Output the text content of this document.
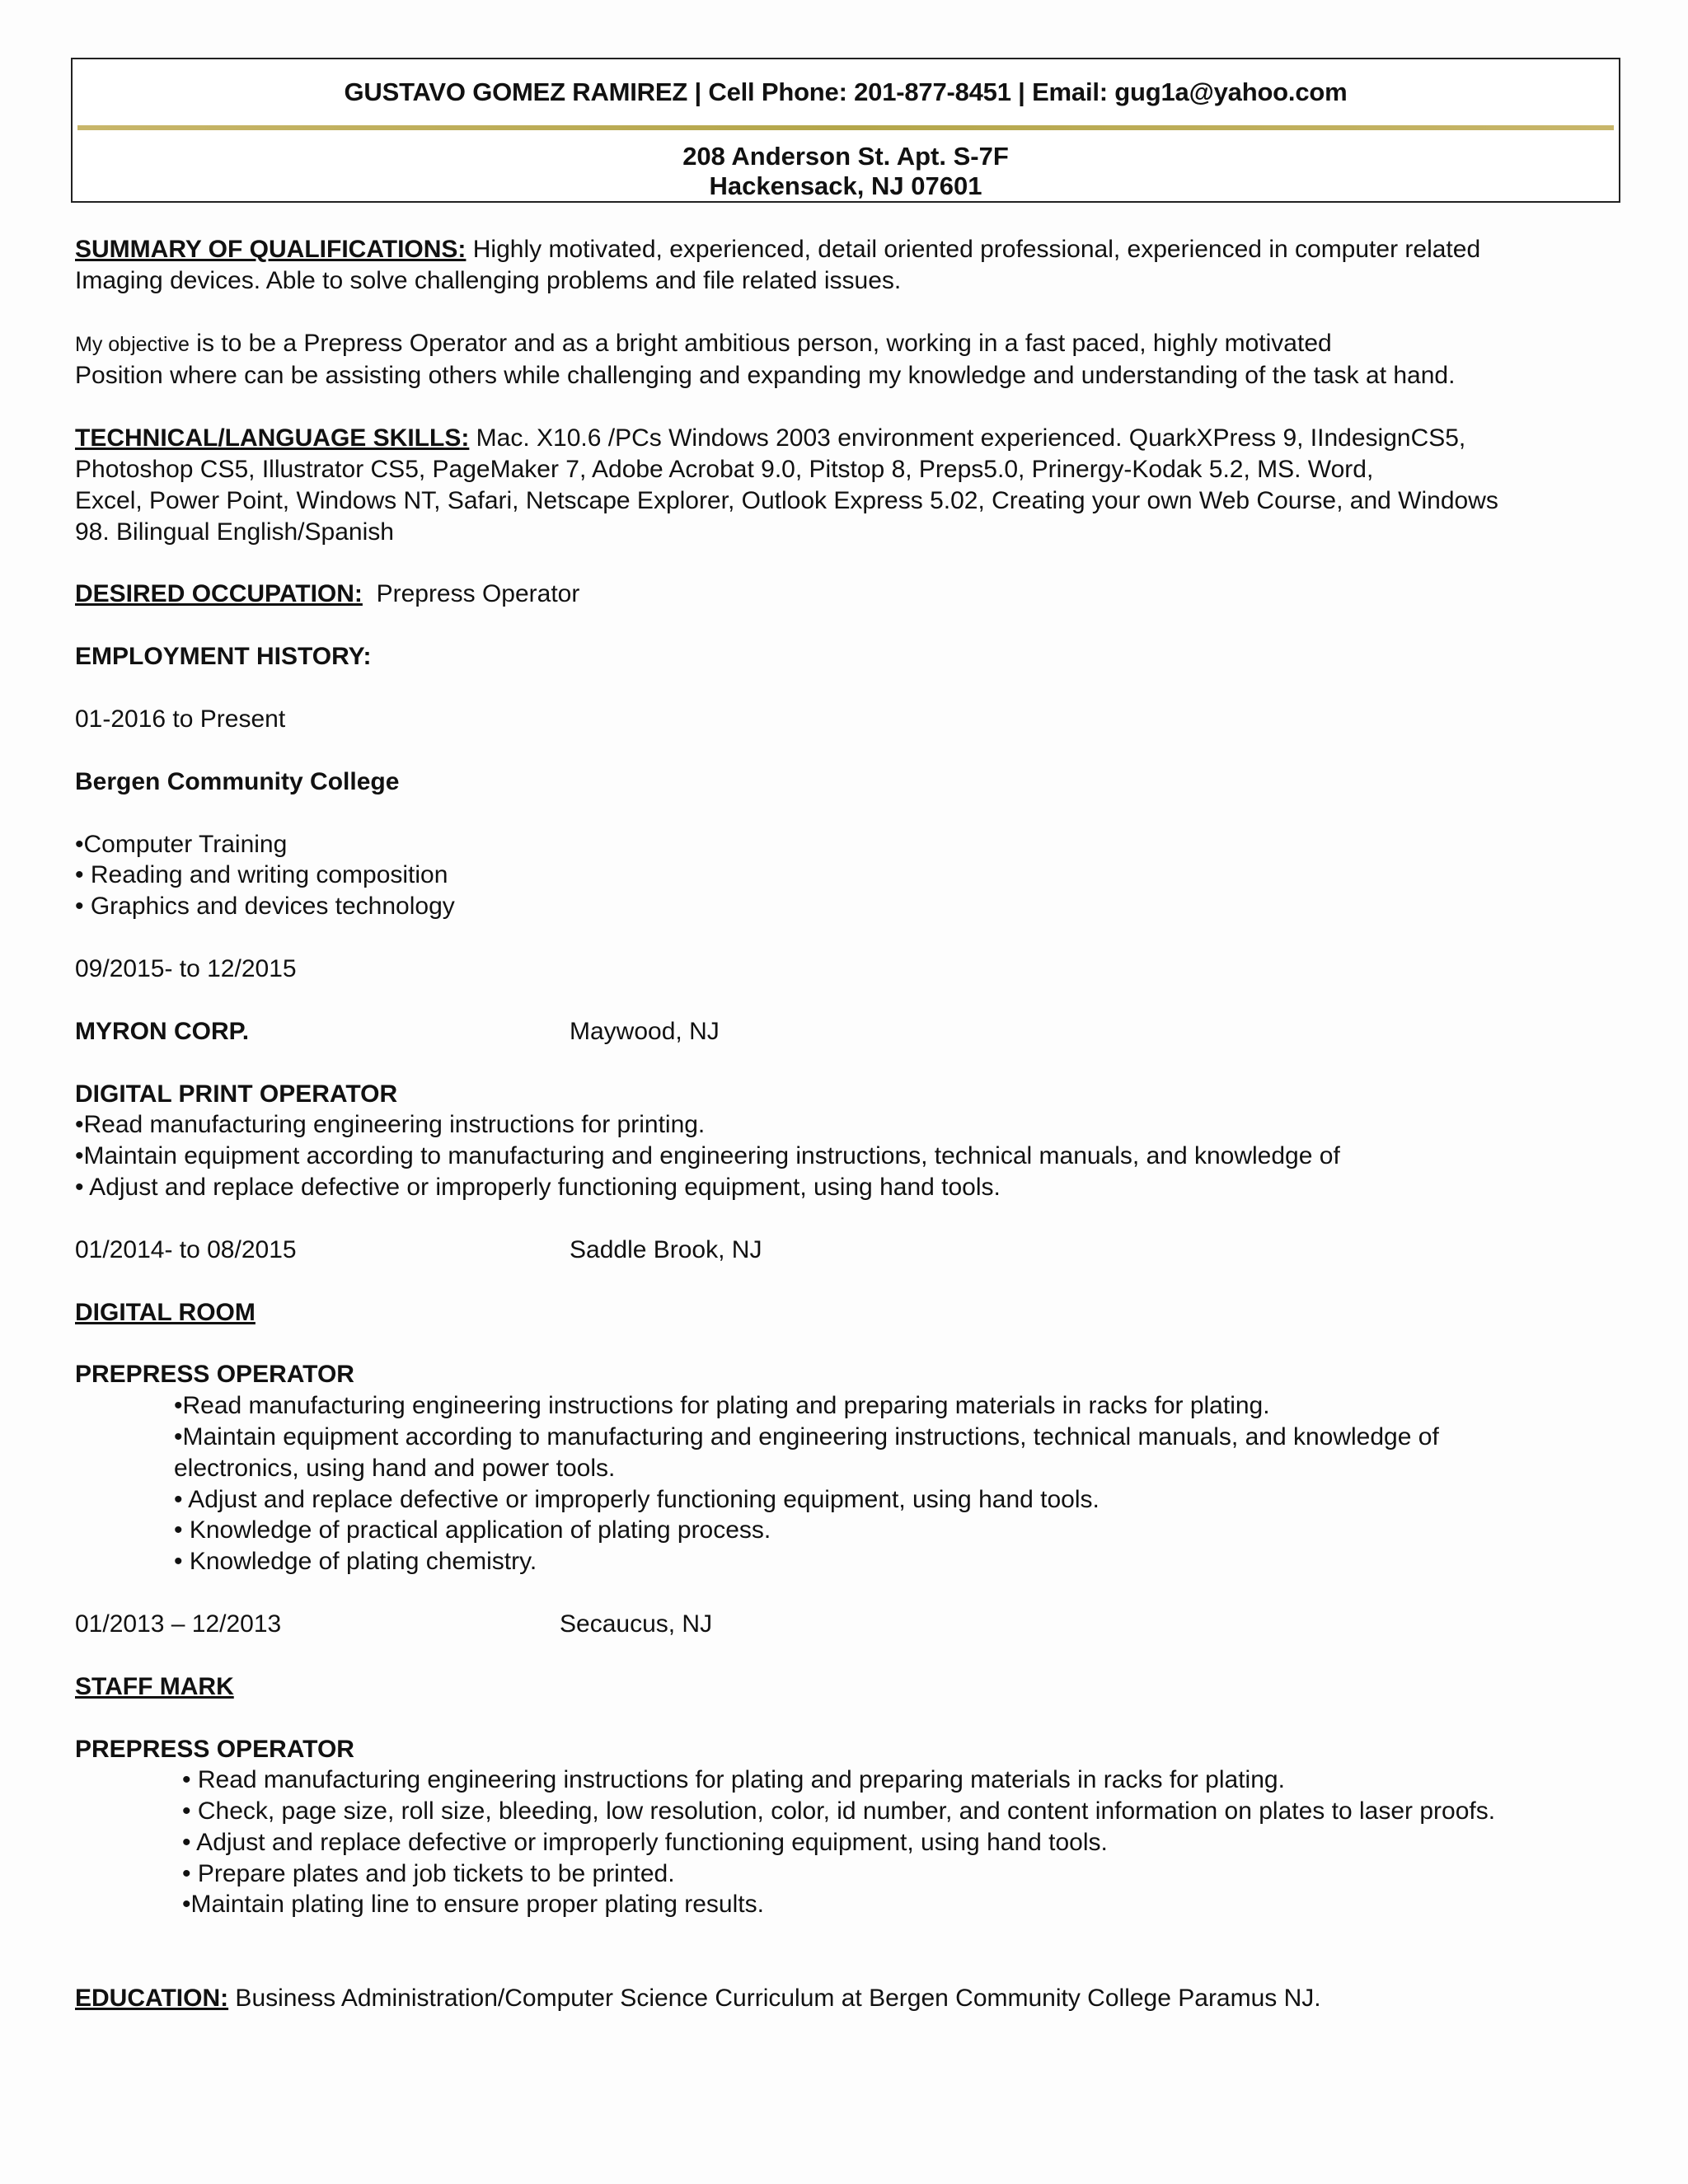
GUSTAVO GOMEZ RAMIREZ | Cell Phone: 201-877-8451 | Email: gug1a@yahoo.com
208 Anderson St. Apt. S-7F
Hackensack, NJ 07601

SUMMARY OF QUALIFICATIONS: Highly motivated, experienced, detail oriented professional, experienced in computer related
Imaging devices. Able to solve challenging problems and file related issues.

My objective is to be a Prepress Operator and as a bright ambitious person, working in a fast paced, highly motivated
Position where can be assisting others while challenging and expanding my knowledge and understanding of the task at hand.

TECHNICAL/LANGUAGE SKILLS: Mac. X10.6 /PCs Windows 2003 environment experienced. QuarkXPress 9, IIndesignCS5,
Photoshop CS5, Illustrator CS5, PageMaker 7, Adobe Acrobat 9.0, Pitstop 8, Preps5.0, Prinergy-Kodak 5.2, MS. Word,
Excel, Power Point, Windows NT, Safari, Netscape Explorer, Outlook Express 5.02, Creating your own Web Course, and Windows
98. Bilingual English/Spanish

DESIRED OCCUPATION:  Prepress Operator

EMPLOYMENT HISTORY:

01-2016 to Present

Bergen Community College

•Computer Training
• Reading and writing composition
• Graphics and devices technology

09/2015- to 12/2015

MYRON CORP.	Maywood, NJ

DIGITAL PRINT OPERATOR

•Read manufacturing engineering instructions for printing.
•Maintain equipment according to manufacturing and engineering instructions, technical manuals, and knowledge of
• Adjust and replace defective or improperly functioning equipment, using hand tools.
01/2014- to 08/2015	Saddle Brook, NJ

DIGITAL ROOM

PREPRESS OPERATOR

•Read manufacturing engineering instructions for plating and preparing materials in racks for plating.
•Maintain equipment according to manufacturing and engineering instructions, technical manuals, and knowledge of
electronics, using hand and power tools.
• Adjust and replace defective or improperly functioning equipment, using hand tools.
• Knowledge of practical application of plating process.
• Knowledge of plating chemistry.
01/2013 – 12/2013	Secaucus, NJ

STAFF MARK

PREPRESS OPERATOR

• Read manufacturing engineering instructions for plating and preparing materials in racks for plating.
• Check, page size, roll size, bleeding, low resolution, color, id number, and content information on plates to laser proofs.
• Adjust and replace defective or improperly functioning equipment, using hand tools.
• Prepare plates and job tickets to be printed.
•Maintain plating line to ensure proper plating results.

EDUCATION: Business Administration/Computer Science Curriculum at Bergen Community College Paramus NJ.
